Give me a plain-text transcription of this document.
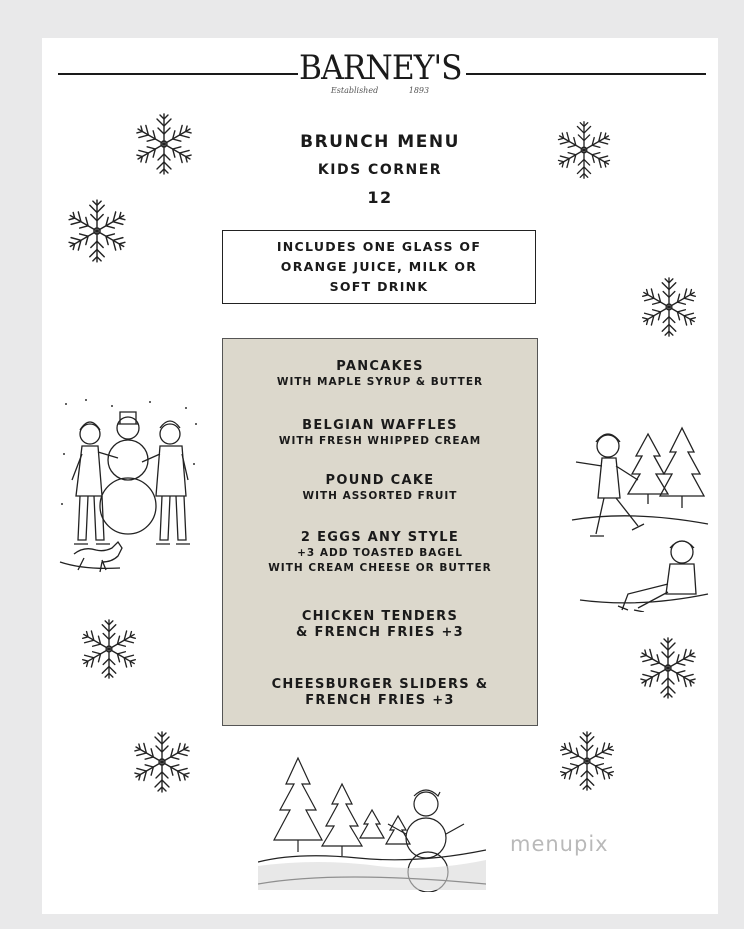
BARNEY'S
Established	1893
BRUNCH MENU
KIDS CORNER
12
INCLUDES ONE GLASS OF
ORANGE JUICE, MILK OR
SOFT DRINK
PANCAKES
WITH MAPLE SYRUP & BUTTER
BELGIAN WAFFLES
WITH FRESH WHIPPED CREAM
POUND CAKE
WITH ASSORTED FRUIT
2 EGGS ANY STYLE
+3 ADD TOASTED BAGEL
WITH CREAM CHEESE OR BUTTER
CHICKEN TENDERS
& FRENCH FRIES +3
CHEESBURGER SLIDERS &
FRENCH FRIES +3
menupix
